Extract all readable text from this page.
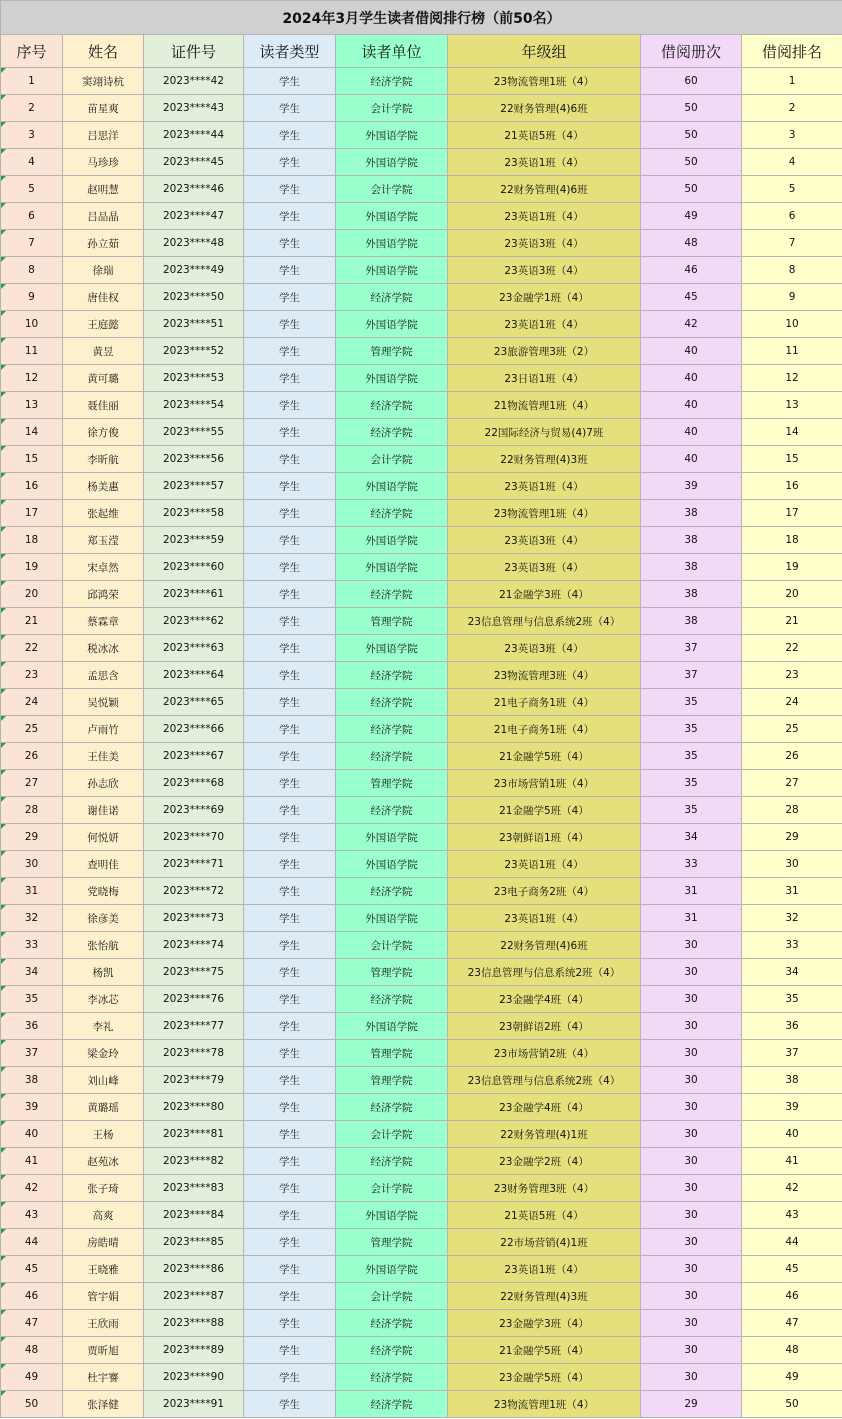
2024年3月学生读者借阅排行榜（前50名）							
序号	姓名	证件号	读者类型	读者单位	年级组	借阅册次	借阅排名
1	窦翊诗杭	2023****42	学生	经济学院	23物流管理1班（4）	60	1
2	苗星爽	2023****43	学生	会计学院	22财务管理(4)6班	50	2
3	吕思洋	2023****44	学生	外国语学院	21英语5班（4）	50	3
4	马珍珍	2023****45	学生	外国语学院	23英语1班（4）	50	4
5	赵明慧	2023****46	学生	会计学院	22财务管理(4)6班	50	5
6	吕品晶	2023****47	学生	外国语学院	23英语1班（4）	49	6
7	孙立茹	2023****48	学生	外国语学院	23英语3班（4）	48	7
8	徐瑞	2023****49	学生	外国语学院	23英语3班（4）	46	8
9	唐佳权	2023****50	学生	经济学院	23金融学1班（4）	45	9
10	王庭懿	2023****51	学生	外国语学院	23英语1班（4）	42	10
11	黄昱	2023****52	学生	管理学院	23旅游管理3班（2）	40	11
12	黄可璐	2023****53	学生	外国语学院	23日语1班（4）	40	12
13	聂佳丽	2023****54	学生	经济学院	21物流管理1班（4）	40	13
14	徐方俊	2023****55	学生	经济学院	22国际经济与贸易(4)7班	40	14
15	李昕航	2023****56	学生	会计学院	22财务管理(4)3班	40	15
16	杨美惠	2023****57	学生	外国语学院	23英语1班（4）	39	16
17	张起维	2023****58	学生	经济学院	23物流管理1班（4）	38	17
18	郑玉滢	2023****59	学生	外国语学院	23英语3班（4）	38	18
19	宋卓然	2023****60	学生	外国语学院	23英语3班（4）	38	19
20	邱鸿荣	2023****61	学生	经济学院	21金融学3班（4）	38	20
21	蔡霖章	2023****62	学生	管理学院	23信息管理与信息系统2班（4）	38	21
22	税冰冰	2023****63	学生	外国语学院	23英语3班（4）	37	22
23	孟思含	2023****64	学生	经济学院	23物流管理3班（4）	37	23
24	吴悦颖	2023****65	学生	经济学院	21电子商务1班（4）	35	24
25	卢雨竹	2023****66	学生	经济学院	21电子商务1班（4）	35	25
26	王佳美	2023****67	学生	经济学院	21金融学5班（4）	35	26
27	孙志欣	2023****68	学生	管理学院	23市场营销1班（4）	35	27
28	谢佳诺	2023****69	学生	经济学院	21金融学5班（4）	35	28
29	何悦妍	2023****70	学生	外国语学院	23朝鲜语1班（4）	34	29
30	查明佳	2023****71	学生	外国语学院	23英语1班（4）	33	30
31	党晓梅	2023****72	学生	经济学院	23电子商务2班（4）	31	31
32	徐彦美	2023****73	学生	外国语学院	23英语1班（4）	31	32
33	张怡航	2023****74	学生	会计学院	22财务管理(4)6班	30	33
34	杨凯	2023****75	学生	管理学院	23信息管理与信息系统2班（4）	30	34
35	李冰芯	2023****76	学生	经济学院	23金融学4班（4）	30	35
36	李礼	2023****77	学生	外国语学院	23朝鲜语2班（4）	30	36
37	梁金玲	2023****78	学生	管理学院	23市场营销2班（4）	30	37
38	刘山峰	2023****79	学生	管理学院	23信息管理与信息系统2班（4）	30	38
39	黄璐瑶	2023****80	学生	经济学院	23金融学4班（4）	30	39
40	王杨	2023****81	学生	会计学院	22财务管理(4)1班	30	40
41	赵苑冰	2023****82	学生	经济学院	23金融学2班（4）	30	41
42	张子琦	2023****83	学生	会计学院	23财务管理3班（4）	30	42
43	高爽	2023****84	学生	外国语学院	21英语5班（4）	30	43
44	房皓晴	2023****85	学生	管理学院	22市场营销(4)1班	30	44
45	王晓雅	2023****86	学生	外国语学院	23英语1班（4）	30	45
46	管宇娟	2023****87	学生	会计学院	22财务管理(4)3班	30	46
47	王欣雨	2023****88	学生	经济学院	23金融学3班（4）	30	47
48	贾昕旭	2023****89	学生	经济学院	21金融学5班（4）	30	48
49	杜宇謇	2023****90	学生	经济学院	23金融学5班（4）	30	49
50	张泽健	2023****91	学生	经济学院	23物流管理1班（4）	29	50
